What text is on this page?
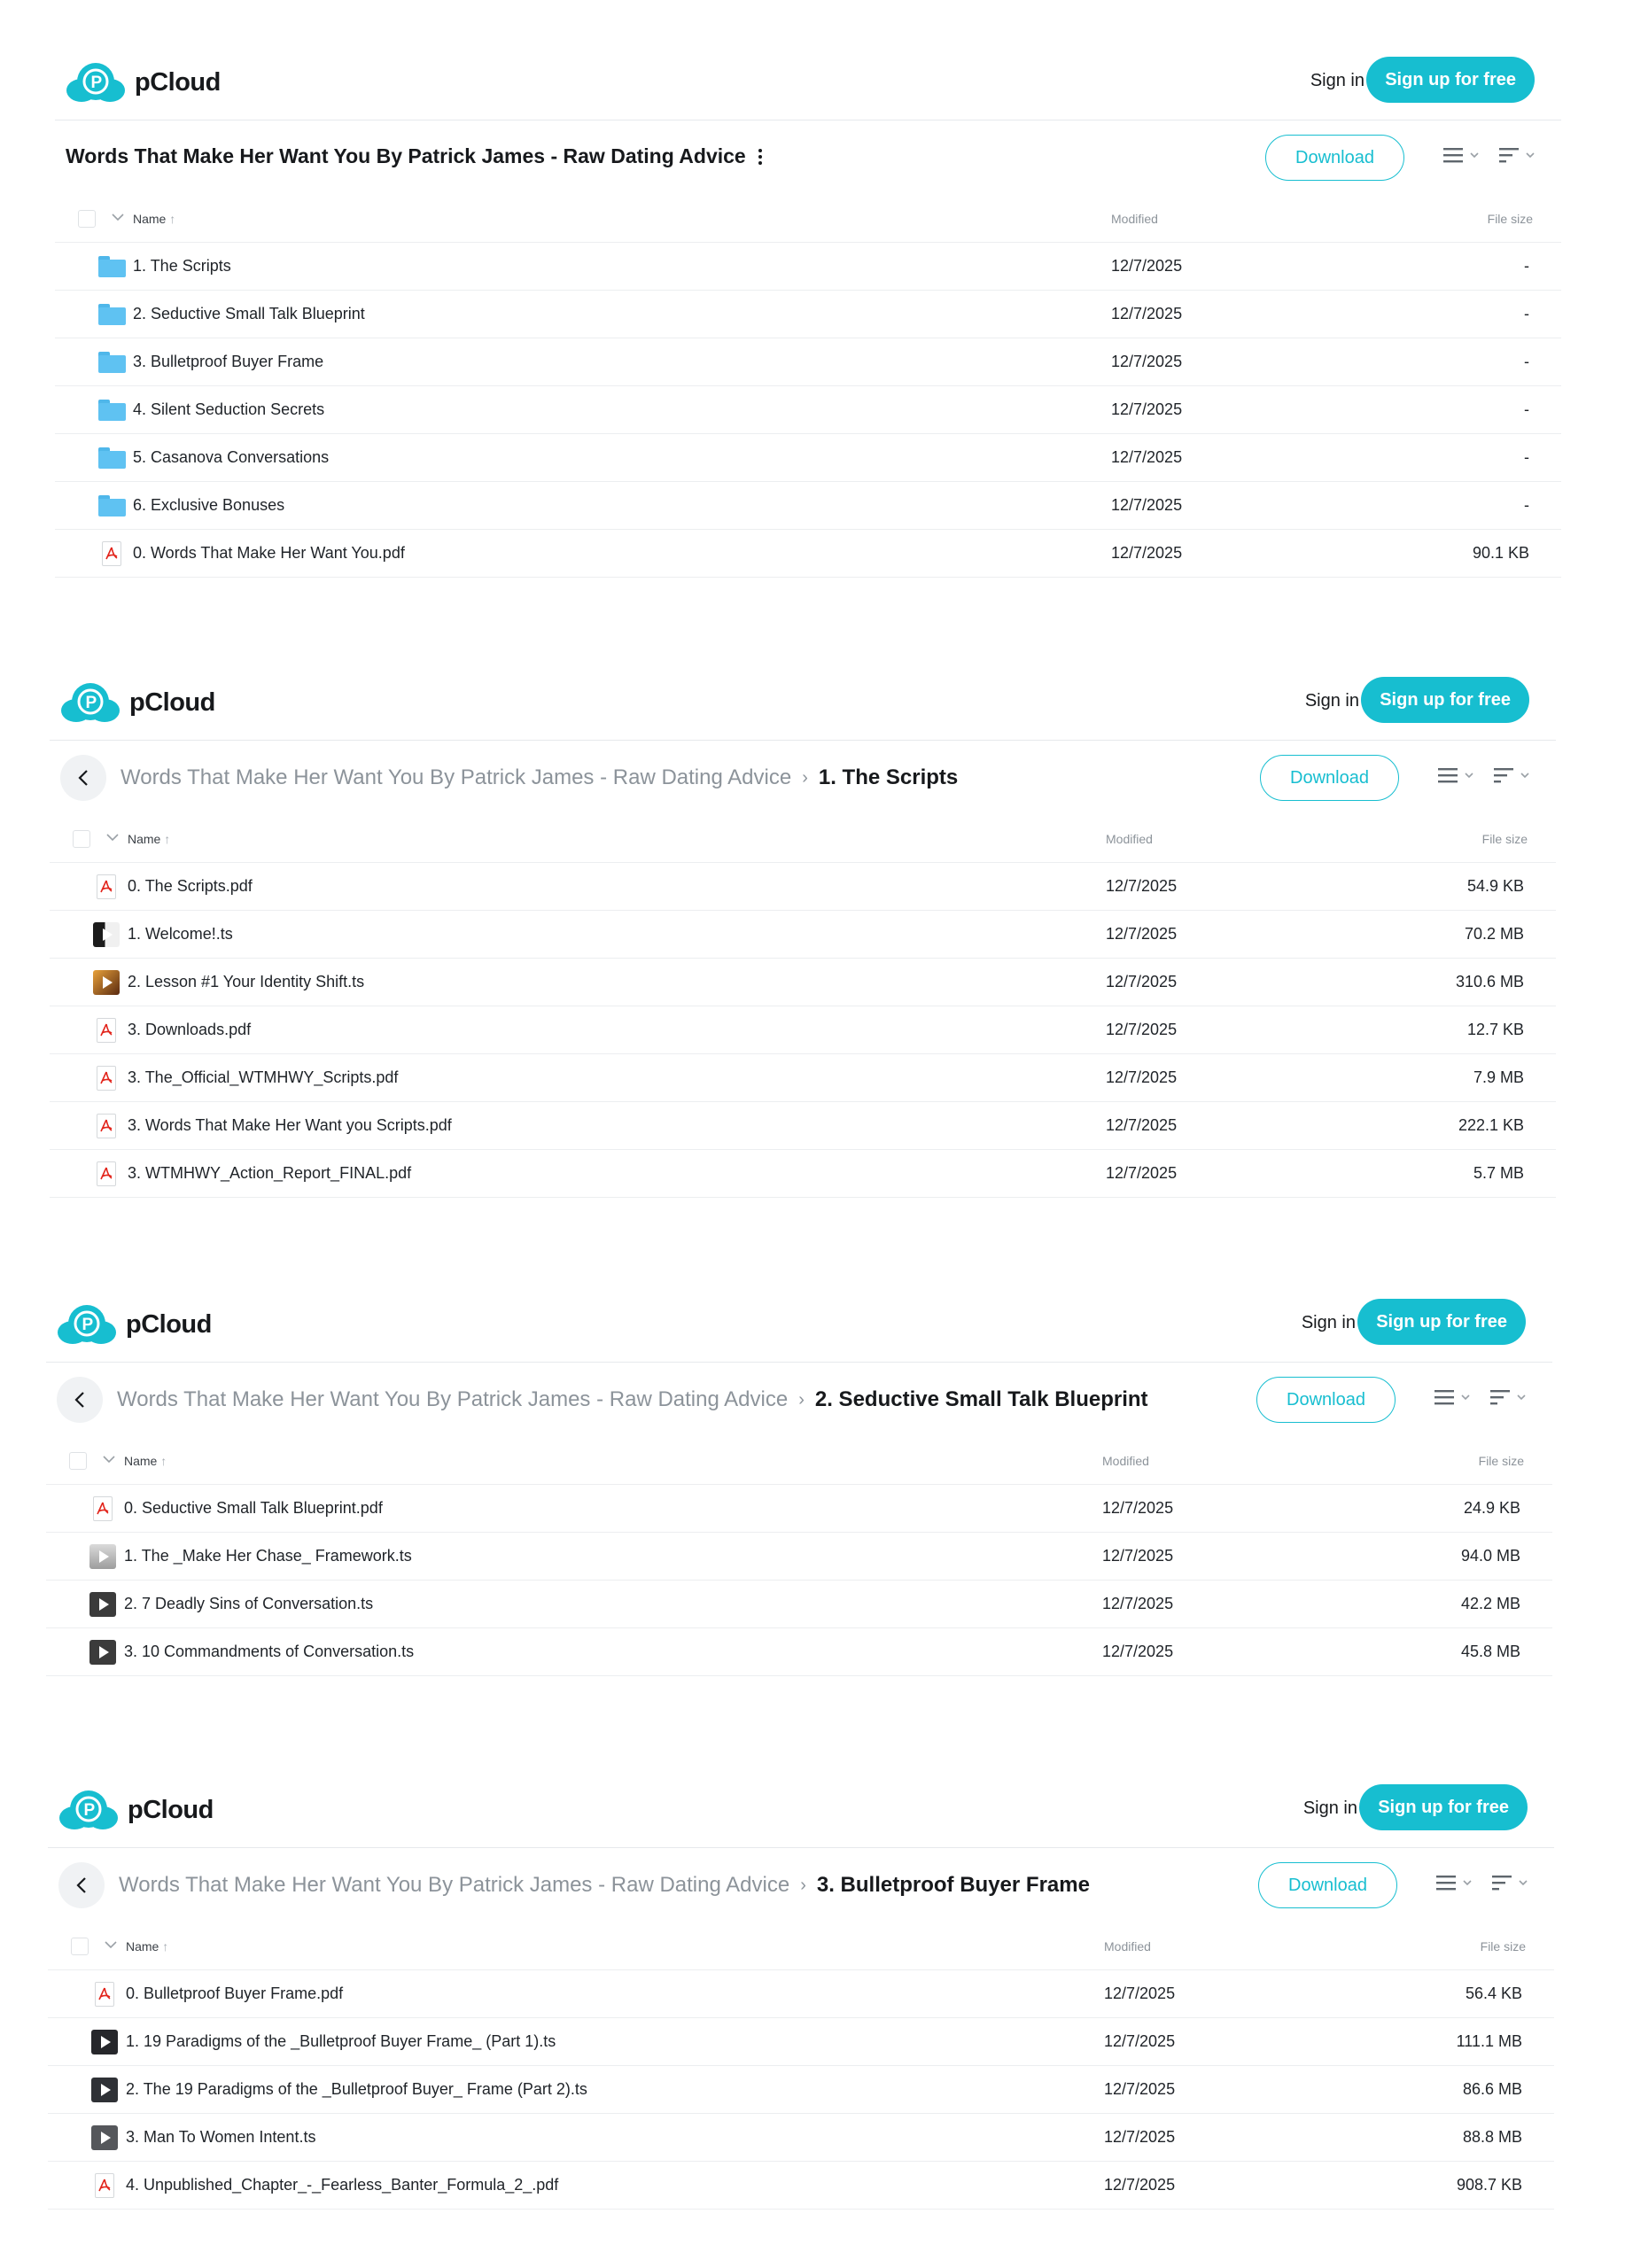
P pCloud	Sign in	Sign up for free
Words That Make Her Want You By Patrick James - Raw Dating Advice	Download
Name ↑	Modified	File size
1. The Scripts	12/7/2025	-
2. Seductive Small Talk Blueprint	12/7/2025	-
3. Bulletproof Buyer Frame	12/7/2025	-
4. Silent Seduction Secrets	12/7/2025	-
5. Casanova Conversations	12/7/2025	-
6. Exclusive Bonuses	12/7/2025	-
0. Words That Make Her Want You.pdf	12/7/2025	90.1 KB
P pCloud	Sign in	Sign up for free
Words That Make Her Want You By Patrick James - Raw Dating Advice › 1. The Scripts	Download
Name ↑	Modified	File size
0. The Scripts.pdf	12/7/2025	54.9 KB
1. Welcome!.ts	12/7/2025	70.2 MB
2. Lesson #1 Your Identity Shift.ts	12/7/2025	310.6 MB
3. Downloads.pdf	12/7/2025	12.7 KB
3. The_Official_WTMHWY_Scripts.pdf	12/7/2025	7.9 MB
3. Words That Make Her Want you Scripts.pdf	12/7/2025	222.1 KB
3. WTMHWY_Action_Report_FINAL.pdf	12/7/2025	5.7 MB
P pCloud	Sign in	Sign up for free
Words That Make Her Want You By Patrick James - Raw Dating Advice › 2. Seductive Small Talk Blueprint	Download
Name ↑	Modified	File size
0. Seductive Small Talk Blueprint.pdf	12/7/2025	24.9 KB
1. The _Make Her Chase_ Framework.ts	12/7/2025	94.0 MB
2. 7 Deadly Sins of Conversation.ts	12/7/2025	42.2 MB
3. 10 Commandments of Conversation.ts	12/7/2025	45.8 MB
P pCloud	Sign in	Sign up for free
Words That Make Her Want You By Patrick James - Raw Dating Advice › 3. Bulletproof Buyer Frame	Download
Name ↑	Modified	File size
0. Bulletproof Buyer Frame.pdf	12/7/2025	56.4 KB
1. 19 Paradigms of the _Bulletproof Buyer Frame_ (Part 1).ts	12/7/2025	111.1 MB
2. The 19 Paradigms of the _Bulletproof Buyer_ Frame (Part 2).ts	12/7/2025	86.6 MB
3. Man To Women Intent.ts	12/7/2025	88.8 MB
4. Unpublished_Chapter_-_Fearless_Banter_Formula_2_.pdf	12/7/2025	908.7 KB
